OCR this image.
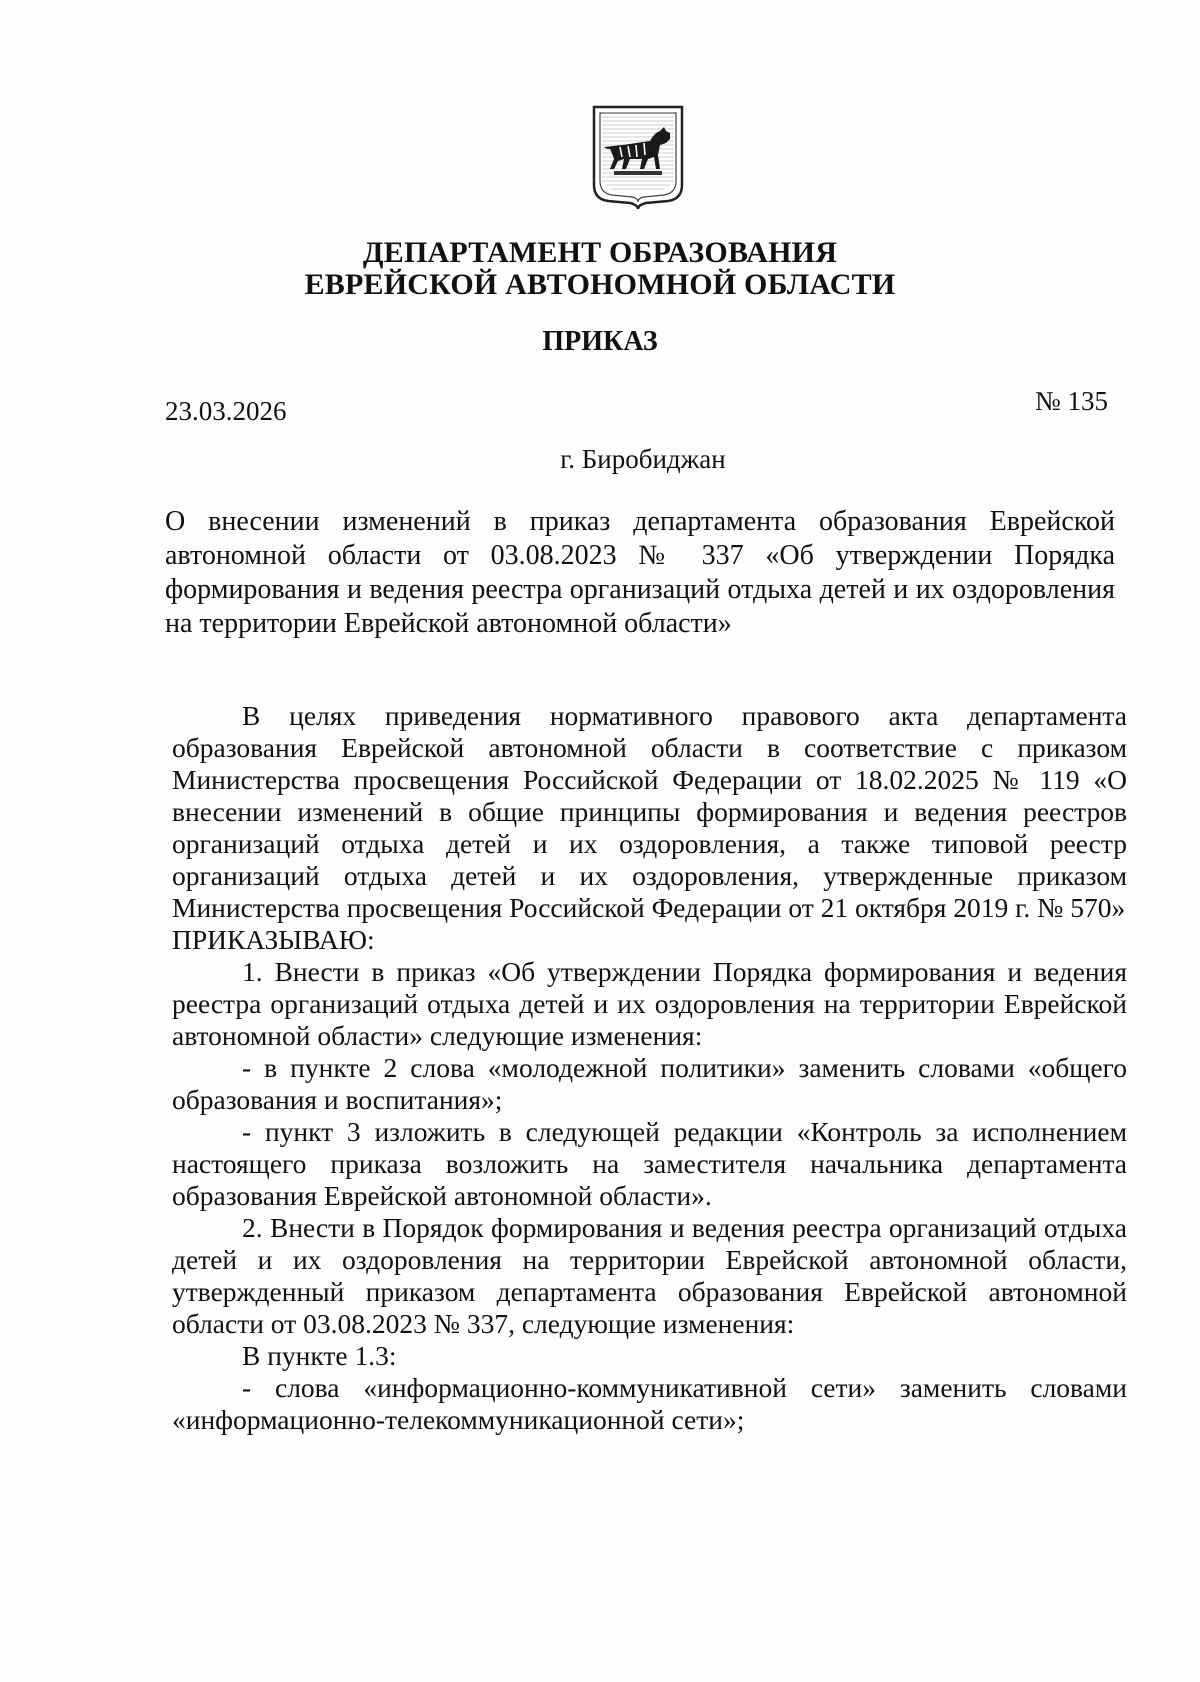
ДЕПАРТАМЕНТ ОБРАЗОВАНИЯ
ЕВРЕЙСКОЙ АВТОНОМНОЙ ОБЛАСТИ
ПРИКАЗ
23.03.2026	№ 135
г. Биробиджан
О внесении изменений в приказ департамента образования Еврейской автономной области от 03.08.2023 № 337 «Об утверждении Порядка формирования и ведения реестра организаций отдыха детей и их оздоровления на территории Еврейской автономной области»

В целях приведения нормативного правового акта департамента образования Еврейской автономной области в соответствие с приказом Министерства просвещения Российской Федерации от 18.02.2025 № 119 «О внесении изменений в общие принципы формирования и ведения реестров организаций отдыха детей и их оздоровления, а также типовой реестр организаций отдыха детей и их оздоровления, утвержденные приказом Министерства просвещения Российской Федерации от 21 октября 2019 г. № 570»

ПРИКАЗЫВАЮ:

1. Внести в приказ «Об утверждении Порядка формирования и ведения реестра организаций отдыха детей и их оздоровления на территории Еврейской автономной области» следующие изменения:

- в пункте 2 слова «молодежной политики» заменить словами «общего образования и воспитания»;

- пункт 3 изложить в следующей редакции «Контроль за исполнением настоящего приказа возложить на заместителя начальника департамента образования Еврейской автономной области».

2. Внести в Порядок формирования и ведения реестра организаций отдыха детей и их оздоровления на территории Еврейской автономной области, утвержденный приказом департамента образования Еврейской автономной области от 03.08.2023 № 337, следующие изменения:

В пункте 1.3:

- слова «информационно-коммуникативной сети» заменить словами «информационно-телекоммуникационной сети»;
